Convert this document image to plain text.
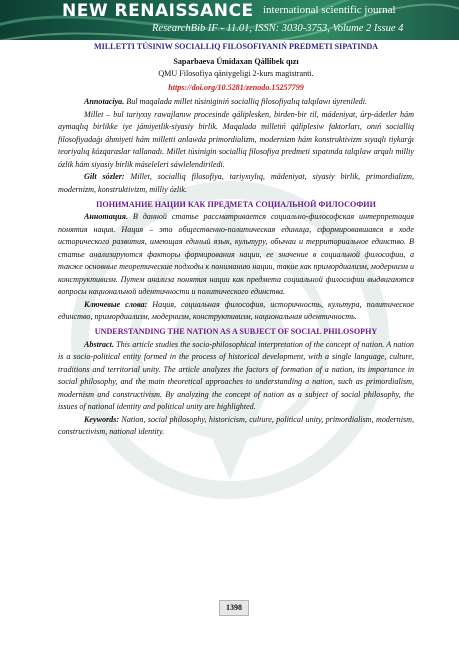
NEW RENAISSANCE international scientific journal
ResearchBib IF - 11.01, ISSN: 3030-3753, Volume 2 Issue 4

MILLETTI TÚSINIW SOCIALLIQ FILOSOFIYANIŃ PREDMETI SIPATINDA

Saparbaeva Úmidaxan Qállibek qızı

QMU Filosofiya qániygeligi 2-kurs magistranti.

https://doi.org/10.5281/zenodo.15257799

Annotaciya. Bul maqalada millet túsiniginiń socialliq filosofiyalıq talqılawı úyreniledi.

Millet – bul tariyxıy rawajlanıw procesinde qáliplesken, birden-bir til, mádeniyat, úrp-ádetler hám aymaqlıq birlikke iye jámiyetlik-siyasiy birlik. Maqalada milletiń qáliplesiw faktorları, onıń socialliq filosofiyadaǵı áhmiyeti hám milletti anlawda primordializm, modernizm hám konstruktivizm sıyaqlı tiykarǵı teoriyalıq kózqaraslar tallanadı. Millet túsinigin socialliq filosofiya predmeti sıpatında talqılaw arqalı milliy ózlik hám siyasiy birlik máseleleri sáwlelendiriledi.

Gilt sózler: Millet, socialliq filosofiya, tariyxıylıq, mádeniyat, siyasiy birlik, primordializm, modernizm, konstruktivizm, milliy ózlik.

ПОНИМАНИЕ НАЦИИ КАК ПРЕДМЕТА СОЦИАЛЬНОЙ ФИЛОСОФИИ

Аннотация. В данной статье рассматривается социально-философская интерпретация понятия нация. Нация – это общественно-политическая единица, сформировавшаяся в ходе исторического развития, имеющая единый язык, культуру, обычаи и территориальное единство. В статье анализируются факторы формирования нации, ее значение в социальной философии, а также основные теоретические подходы к пониманию нации, такие как примордиализм, модернизм и конструктивизм. Путем анализа понятия нации как предмета социальной философии выдвигаются вопросы национальной идентичности и политического единства.

Ключевые слова: Нация, социальная философия, историчность, культура, политическое единство, примордиализм, модернизм, конструктивизм, национальная идентичность.

UNDERSTANDING THE NATION AS A SUBJECT OF SOCIAL PHILOSOPHY

Abstract. This article studies the socio-philosophical interpretation of the concept of nation. A nation is a socio-political entity formed in the process of historical development, with a single language, culture, traditions and territorial unity. The article analyzes the factors of formation of a nation, its importance in social philosophy, and the main theoretical approaches to understanding a nation, such as primordialism, modernism and constructivism. By analyzing the concept of nation as a subject of social philosophy, the issues of national identity and political unity are highlighted.

Keywords: Nation, social philosophy, historicism, culture, political unity, primordialism, modernism, constructivism, national identity.

1398
